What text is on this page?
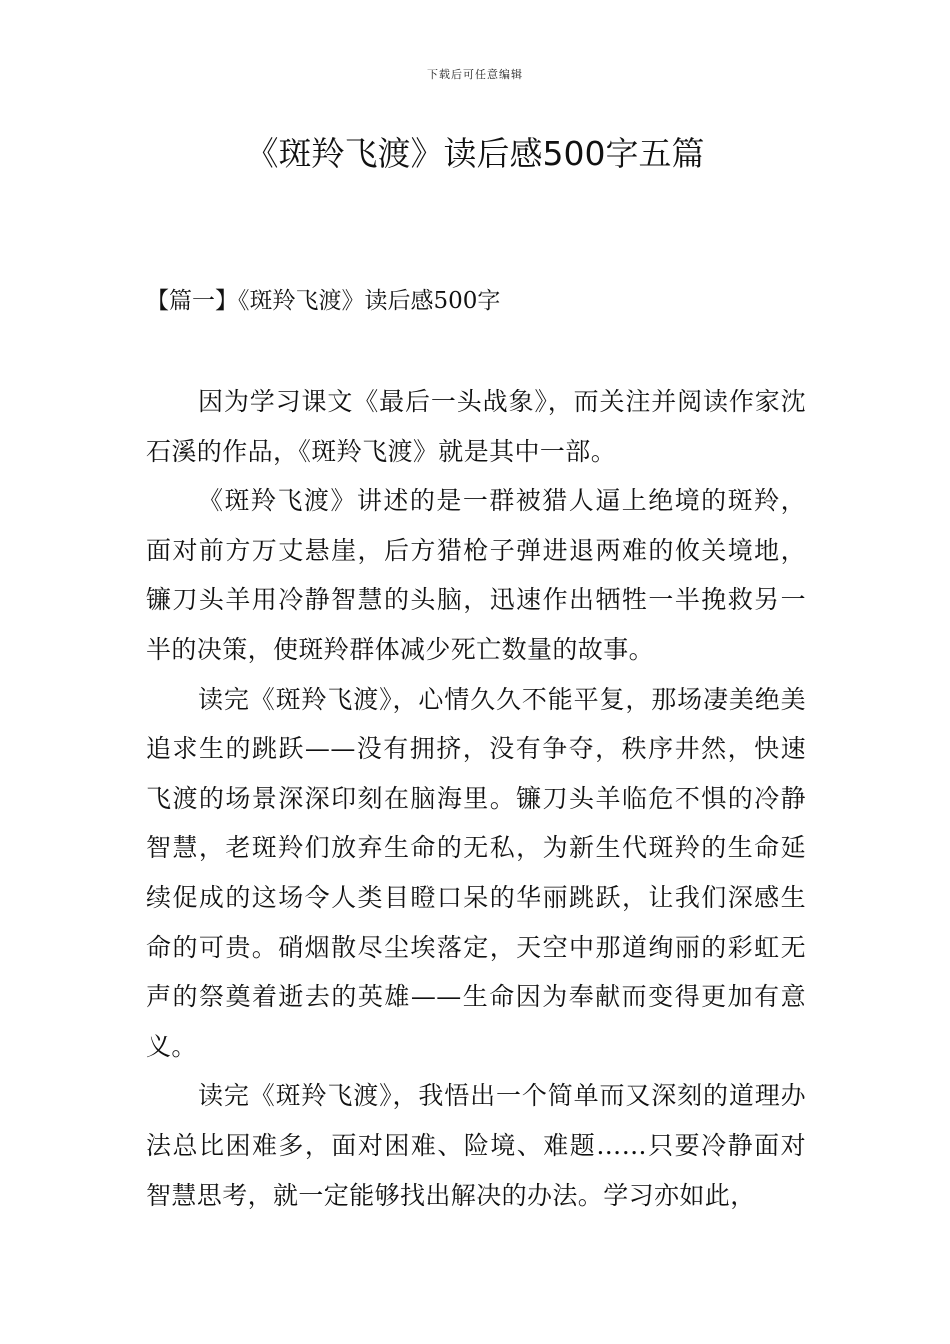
下载后可任意编辑
《斑羚飞渡》读后感500字五篇
【篇一】《斑羚飞渡》读后感500字

因为学习课文《最后一头战象》，而关注并阅读作家沈石溪的作品，《斑羚飞渡》就是其中一部。

《斑羚飞渡》讲述的是一群被猎人逼上绝境的斑羚，面对前方万丈悬崖，后方猎枪子弹进退两难的攸关境地，镰刀头羊用冷静智慧的头脑，迅速作出牺牲一半挽救另一半的决策，使斑羚群体减少死亡数量的故事。

读完《斑羚飞渡》，心情久久不能平复，那场凄美绝美追求生的跳跃——没有拥挤，没有争夺，秩序井然，快速飞渡的场景深深印刻在脑海里。镰刀头羊临危不惧的冷静智慧，老斑羚们放弃生命的无私，为新生代斑羚的生命延续促成的这场令人类目瞪口呆的华丽跳跃，让我们深感生命的可贵。硝烟散尽尘埃落定，天空中那道绚丽的彩虹无声的祭奠着逝去的英雄——生命因为奉献而变得更加有意义。

读完《斑羚飞渡》，我悟出一个简单而又深刻的道理办法总比困难多，面对困难、险境、难题……只要冷静面对智慧思考，就一定能够找出解决的办法。学习亦如此，
